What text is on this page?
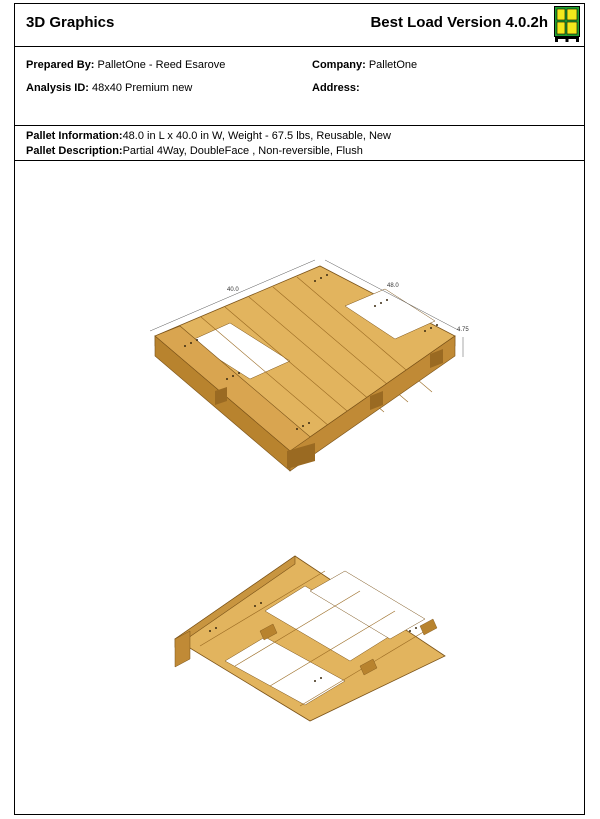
3D Graphics	Best Load Version 4.0.2h
Prepared By: PalletOne - Reed Esarove	Company: PalletOne
Analysis ID: 48x40 Premium new	Address:
Pallet Information:48.0 in L x 40.0 in W, Weight - 67.5 lbs, Reusable, New
Pallet Description:Partial 4Way, DoubleFace , Non-reversible, Flush
40.0
48.0
4.75
